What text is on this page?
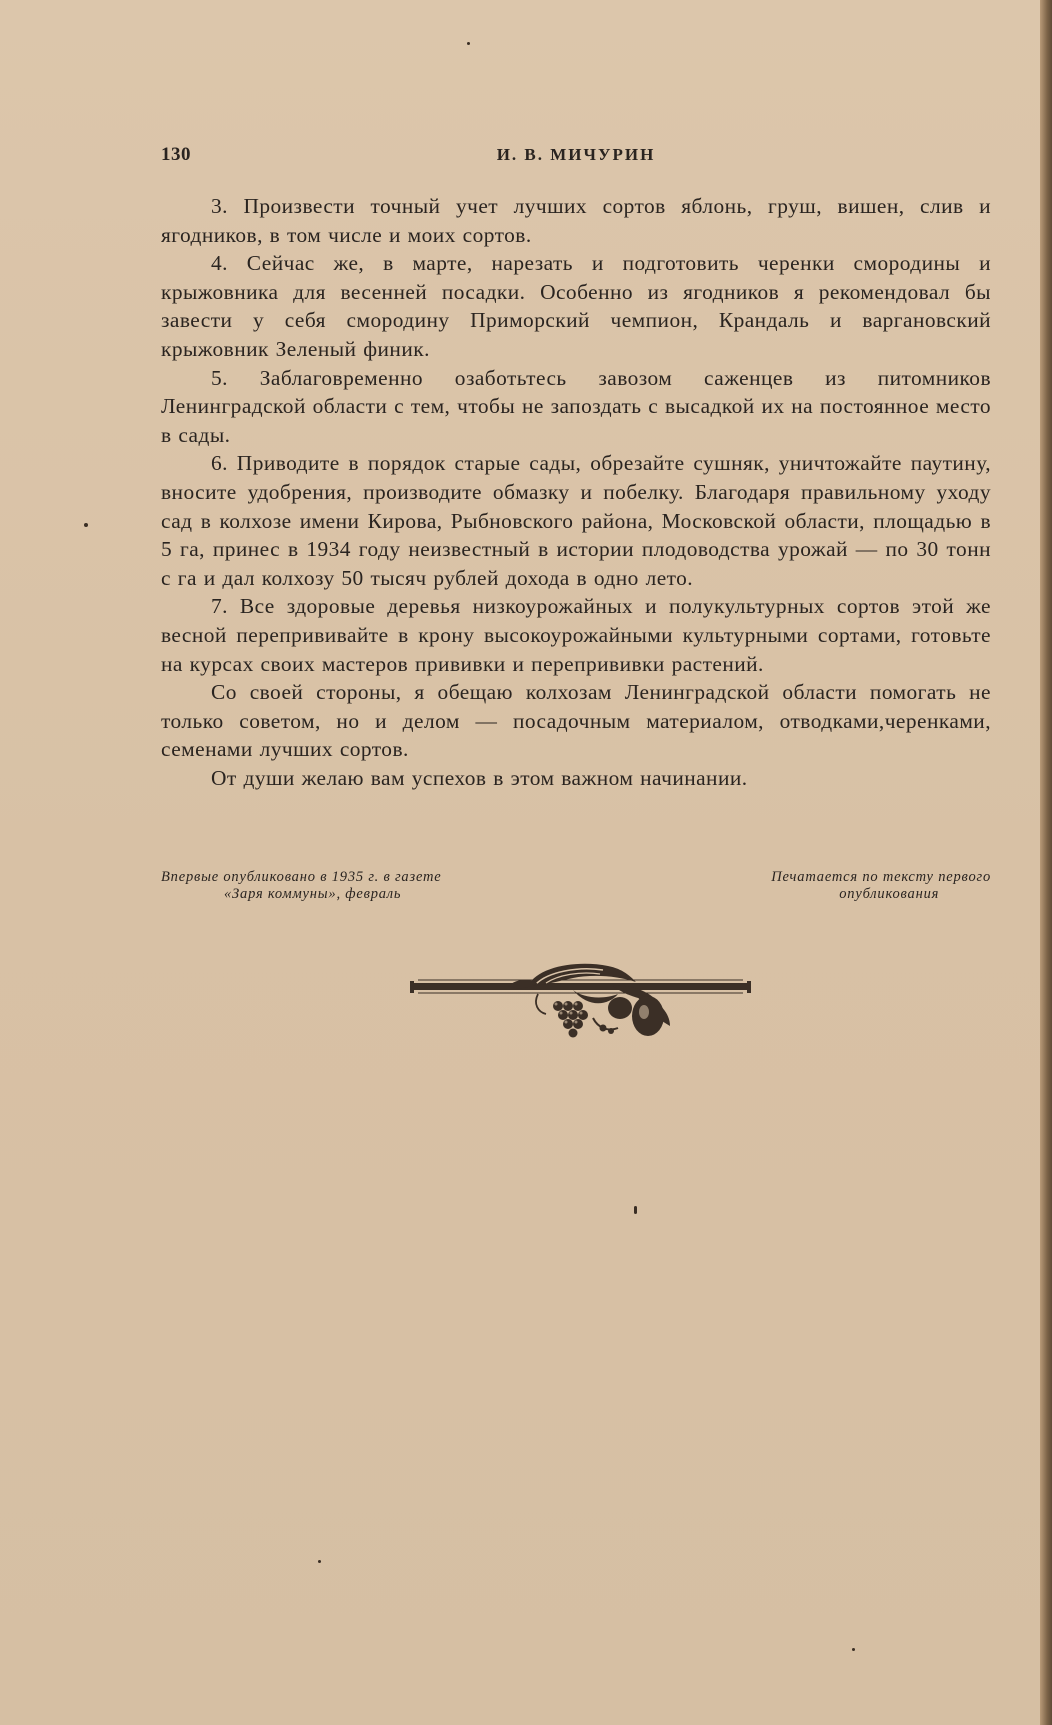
130	И. В. МИЧУРИН

3. Произвести точный учет лучших сортов яблонь, груш, вишен, слив и ягодников, в том числе и моих сортов.

4. Сейчас же, в марте, нарезать и подготовить черенки смородины и крыжовника для весенней посадки. Особенно из ягодников я рекомендовал бы завести у себя смородину Приморский чемпион, Крандаль и варгановский крыжовник Зеленый финик.

5. Заблаговременно озаботьтесь завозом саженцев из питомников Ленинградской области с тем, чтобы не запоздать с высадкой их на постоянное место в сады.

6. Приводите в порядок старые сады, обрезайте сушняк, уничтожайте паутину, вносите удобрения, производите обмазку и побелку. Благодаря правильному уходу сад в колхозе имени Кирова, Рыбновского района, Московской области, площадью в 5 га, принес в 1934 году неизвестный в истории плодоводства урожай — по 30 тонн с га и дал колхозу 50 тысяч рублей дохода в одно лето.

7. Все здоровые деревья низкоурожайных и полукультурных сортов этой же весной перепрививайте в крону высокоурожайными культурными сортами, готовьте на курсах своих мастеров прививки и перепрививки растений.

Со своей стороны, я обещаю колхозам Ленинградской области помогать не только советом, но и делом — посадочным материалом, отводками,черенками, семенами лучших сортов.

От души желаю вам успехов в этом важном начинании.

Впервые опубликовано в 1935 г. в газете
«Заря коммуны», февраль
Печатается по тексту первого
опубликования
